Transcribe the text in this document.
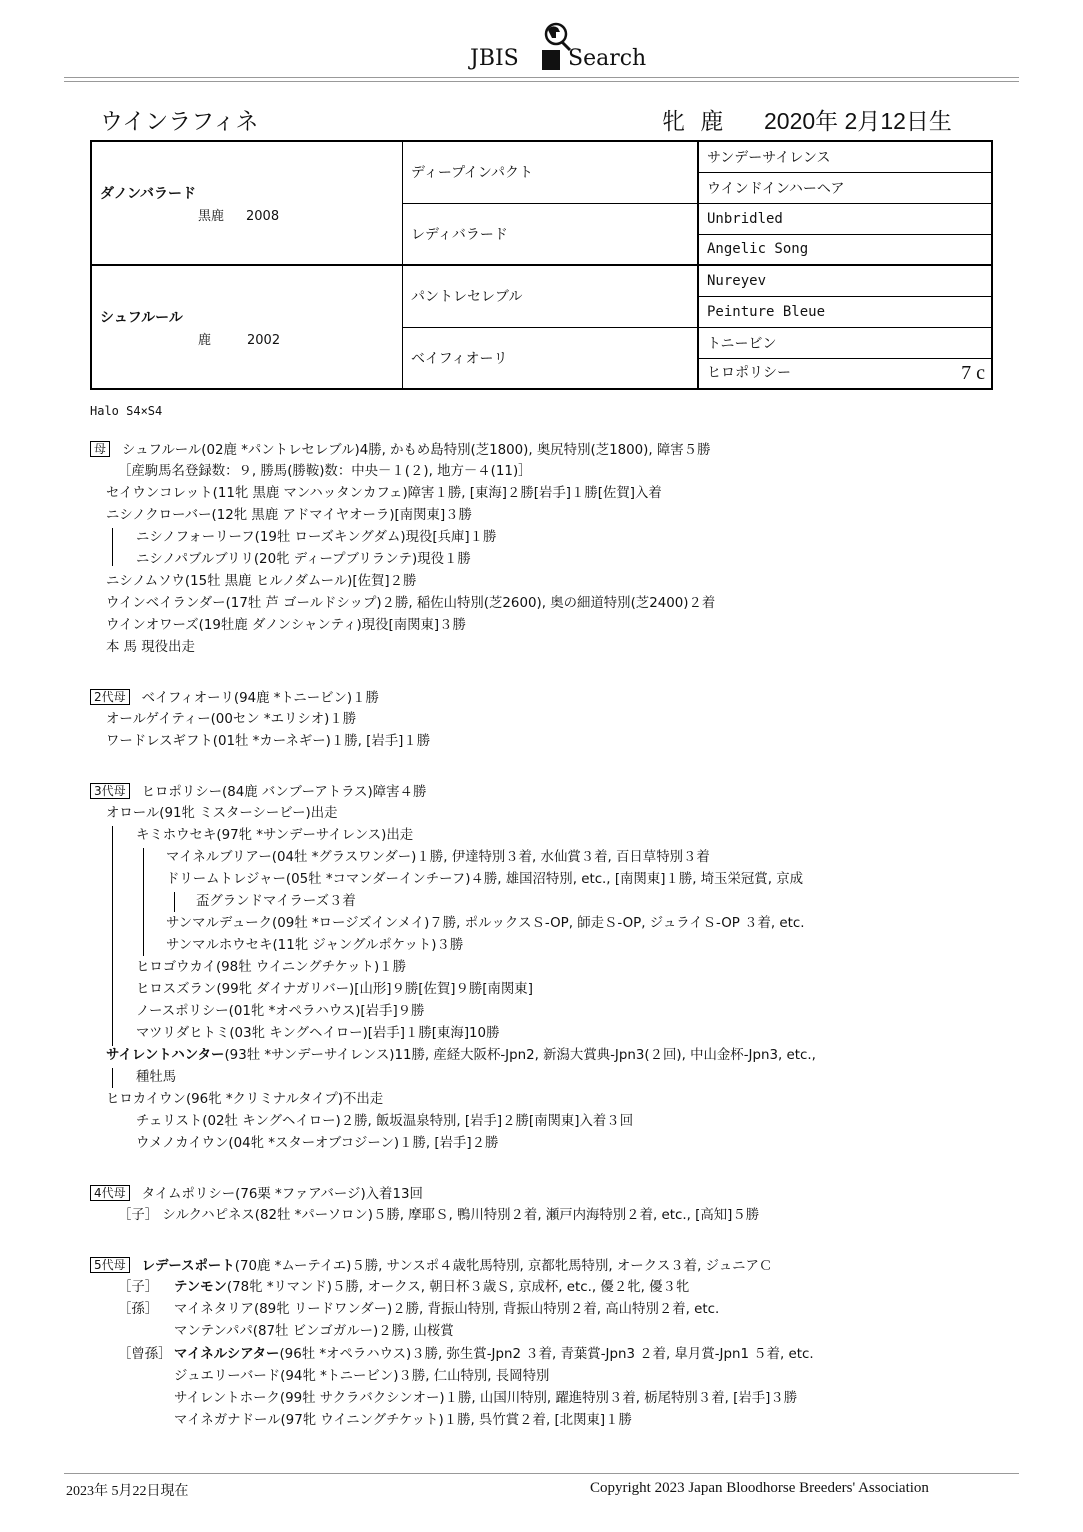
JBIS Search
ウインラフィネ	牝 鹿 2020年 2月12日生
ダノンバラード
黒鹿 2008	ディープインパクト	サンデーサイレンス
		ウインドインハーヘア
	レディバラード	Unbridled
		Angelic Song

シュフルール
鹿 2002	パントレセレブル	Nureyev
		Peinture Bleue
	ベイフィオーリ	トニービン
		ヒロポリシー 7 c
Halo S4×S4
母 シュフルール(02鹿 *パントレセレブル)4勝, かもめ島特別(芝1800), 奥尻特別(芝1800), 障害５勝
［産駒馬名登録数：９, 勝馬(勝鞍)数：中央－１(２), 地方－４(11)］
セイウンコレット(11牝 黒鹿 マンハッタンカフェ)障害１勝, [東海]２勝[岩手]１勝[佐賀]入着
ニシノクローバー(12牝 黒鹿 アドマイヤオーラ)[南関東]３勝
ニシノフォーリーフ(19牡 ローズキングダム)現役[兵庫]１勝
ニシノパブルブリリ(20牝 ディープブリランテ)現役１勝
ニシノムソウ(15牡 黒鹿 ヒルノダムール)[佐賀]２勝
ウインベイランダー(17牡 芦 ゴールドシップ)２勝, 稲佐山特別(芝2600), 奥の細道特別(芝2400)２着
ウインオワーズ(19牡鹿 ダノンシャンティ)現役[南関東]３勝
本 馬 現役出走
2代母 ベイフィオーリ(94鹿 *トニービン)１勝
オールゲイティー(00セン *エリシオ)１勝
ワードレスギフト(01牡 *カーネギー)１勝, [岩手]１勝
3代母 ヒロポリシー(84鹿 バンブーアトラス)障害４勝
オロール(91牝 ミスターシービー)出走
キミホウセキ(97牝 *サンデーサイレンス)出走
マイネルブリアー(04牡 *グラスワンダー)１勝, 伊達特別３着, 水仙賞３着, 百日草特別３着
ドリームトレジャー(05牡 *コマンダーインチーフ)４勝, 雄国沼特別, etc., [南関東]１勝, 埼玉栄冠賞, 京成
盃グランドマイラーズ３着
サンマルデューク(09牡 *ロージズインメイ)７勝, ポルックスＳ-OP, 師走Ｓ-OP, ジュライＳ-OP ３着, etc.
サンマルホウセキ(11牝 ジャングルポケット)３勝
ヒロゴウカイ(98牡 ウイニングチケット)１勝
ヒロスズラン(99牝 ダイナガリバー)[山形]９勝[佐賀]９勝[南関東]
ノースポリシー(01牝 *オペラハウス)[岩手]９勝
マツリダヒトミ(03牝 キングヘイロー)[岩手]１勝[東海]10勝
サイレントハンター(93牡 *サンデーサイレンス)11勝, 産経大阪杯-Jpn2, 新潟大賞典-Jpn3(２回), 中山金杯-Jpn3, etc.,
種牡馬
ヒロカイウン(96牝 *クリミナルタイプ)不出走
チェリスト(02牡 キングヘイロー)２勝, 飯坂温泉特別, [岩手]２勝[南関東]入着３回
ウメノカイウン(04牝 *スターオブコジーン)１勝, [岩手]２勝
4代母 タイムポリシー(76栗 *ファアバージ)入着13回
［子］ シルクハピネス(82牡 *パーソロン)５勝, 摩耶Ｓ, 鴨川特別２着, 瀬戸内海特別２着, etc., [高知]５勝
5代母 レデースポート(70鹿 *ムーテイエ)５勝, サンスポ４歳牝馬特別, 京都牝馬特別, オークス３着, ジュニアＣ
［子］ テンモン(78牝 *リマンド)５勝, オークス, 朝日杯３歳Ｓ, 京成杯, etc., 優２牝, 優３牝
［孫］ マイネタリア(89牝 リードワンダー)２勝, 背振山特別, 背振山特別２着, 高山特別２着, etc.
マンテンパパ(87牡 ビンゴガルー)２勝, 山桜賞
［曾孫］ マイネルシアター(96牡 *オペラハウス)３勝, 弥生賞-Jpn2 ３着, 青葉賞-Jpn3 ２着, 皐月賞-Jpn1 ５着, etc.
ジュエリーバード(94牝 *トニービン)３勝, 仁山特別, 長岡特別
サイレントホーク(99牡 サクラバクシンオー)１勝, 山国川特別, 躍進特別３着, 栃尾特別３着, [岩手]３勝
マイネガナドール(97牝 ウイニングチケット)１勝, 呉竹賞２着, [北関東]１勝
2023年 5月22日現在	Copyright 2023 Japan Bloodhorse Breeders' Association
